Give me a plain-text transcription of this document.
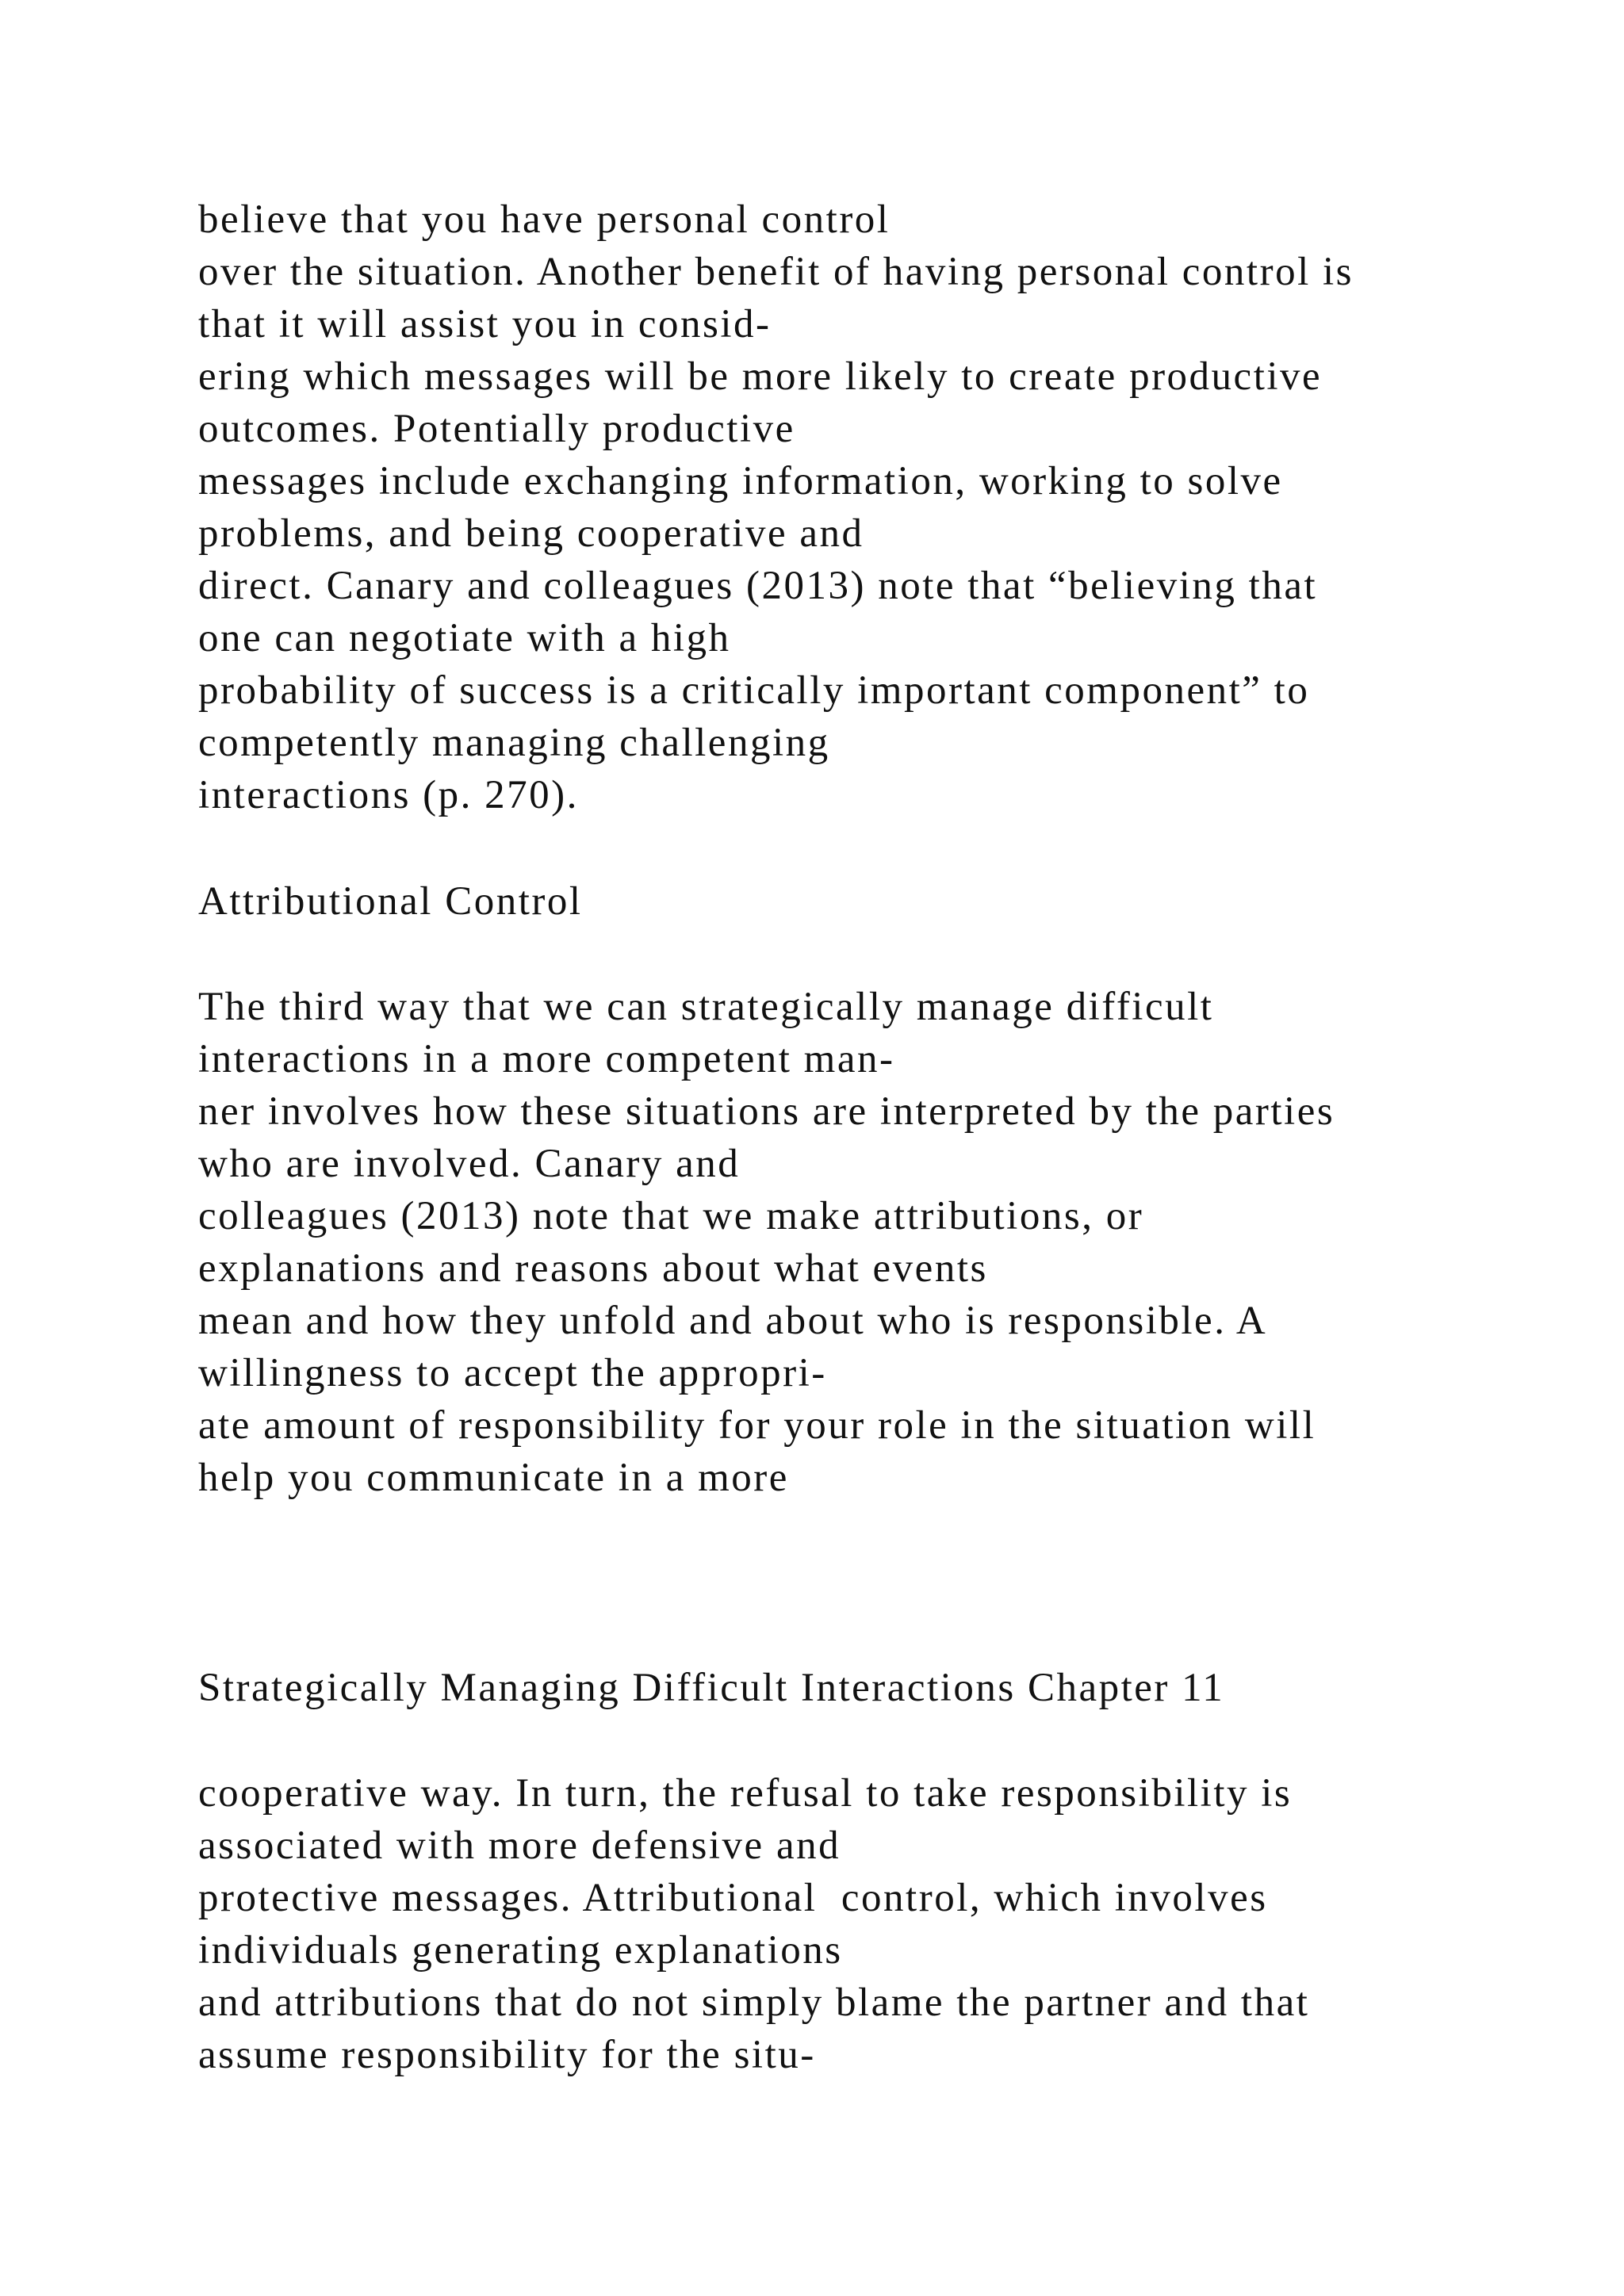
believe that you have personal control
over the situation. Another benefit of having personal control is
that it will assist you in consid-
ering which messages will be more likely to create productive
outcomes. Potentially productive
messages include exchanging information, working to solve
problems, and being cooperative and
direct. Canary and colleagues (2013) note that “believing that
one can negotiate with a high
probability of success is a critically important component” to
competently managing challenging
interactions (p. 270).
Attributional Control
The third way that we can strategically manage difficult
interactions in a more competent man-
ner involves how these situations are interpreted by the parties
who are involved. Canary and
colleagues (2013) note that we make attributions, or
explanations and reasons about what events
mean and how they unfold and about who is responsible. A
willingness to accept the appropri-
ate amount of responsibility for your role in the situation will
help you communicate in a more
Strategically Managing Difficult Interactions Chapter 11
cooperative way. In turn, the refusal to take responsibility is
associated with more defensive and
protective messages. Attributional  control, which involves
individuals generating explanations
and attributions that do not simply blame the partner and that
assume responsibility for the situ-
